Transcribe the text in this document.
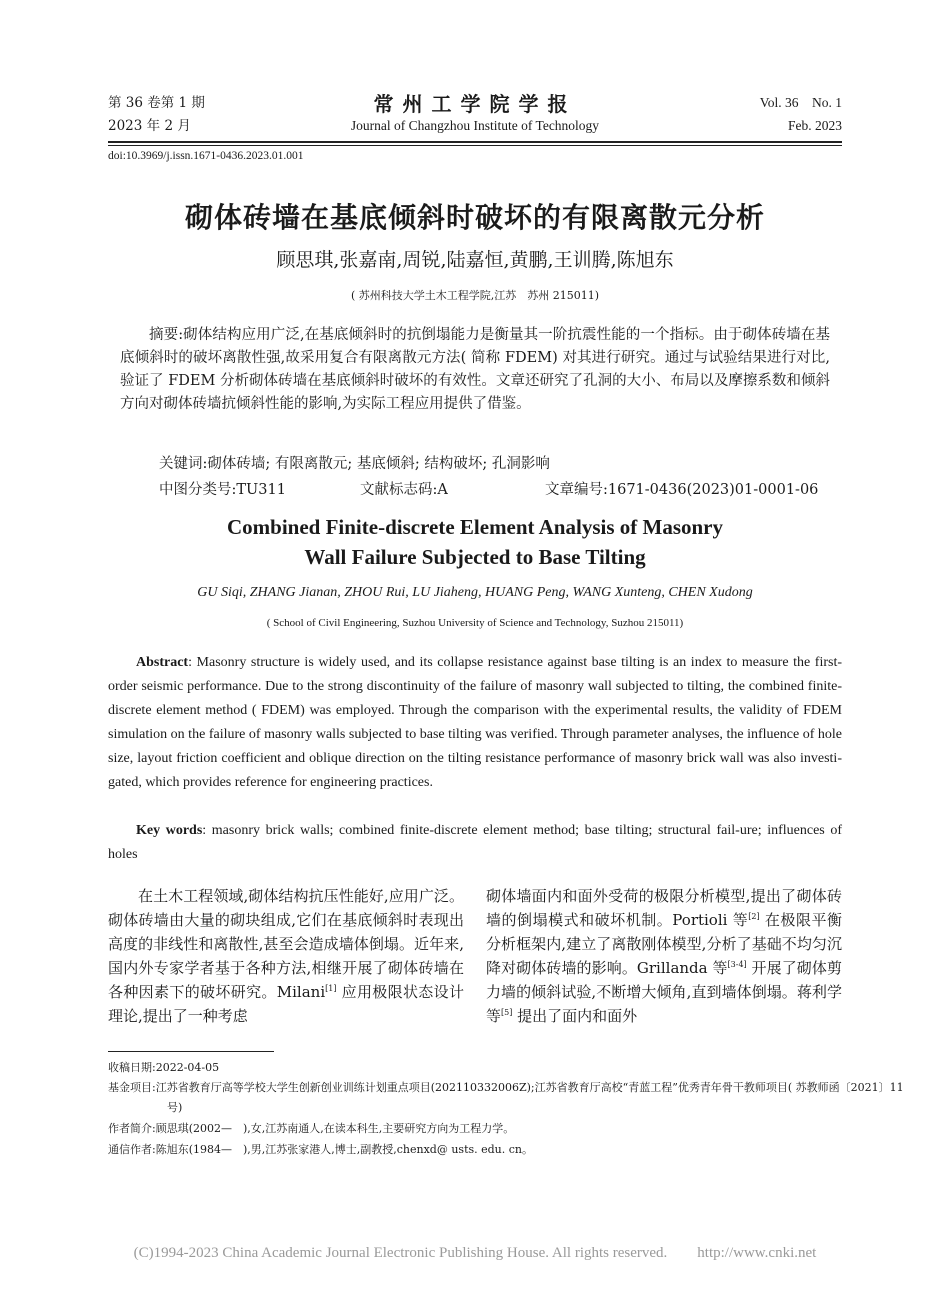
第 36 卷第 1 期
2023 年 2 月
常州工学院学报
Journal of Changzhou Institute of Technology
Vol. 36　No. 1
Feb. 2023
doi:10.3969/j.issn.1671-0436.2023.01.001
砌体砖墙在基底倾斜时破坏的有限离散元分析
顾思琪,张嘉南,周锐,陆嘉恒,黄鹏,王训腾,陈旭东
( 苏州科技大学土木工程学院,江苏　苏州 215011)
摘要:砌体结构应用广泛,在基底倾斜时的抗倒塌能力是衡量其一阶抗震性能的一个指标。由于砌体砖墙在基底倾斜时的破坏离散性强,故采用复合有限离散元方法( 简称 FDEM) 对其进行研究。通过与试验结果进行对比,验证了 FDEM 分析砌体砖墙在基底倾斜时破坏的有效性。文章还研究了孔洞的大小、布局以及摩擦系数和倾斜方向对砌体砖墙抗倾斜性能的影响,为实际工程应用提供了借鉴。
关键词:砌体砖墙; 有限离散元; 基底倾斜; 结构破坏; 孔洞影响
中图分类号:TU311	文献标志码:A	文章编号:1671-0436(2023)01-0001-06
Combined Finite-discrete Element Analysis of Masonry
Wall Failure Subjected to Base Tilting
GU Siqi, ZHANG Jianan, ZHOU Rui, LU Jiaheng, HUANG Peng, WANG Xunteng, CHEN Xudong
( School of Civil Engineering, Suzhou University of Science and Technology, Suzhou 215011)
Abstract: Masonry structure is widely used, and its collapse resistance against base tilting is an index to measure the first-order seismic performance. Due to the strong discontinuity of the failure of masonry wall subjected to tilting, the combined finite-discrete element method ( FDEM) was employed. Through the comparison with the experimental results, the validity of FDEM simulation on the failure of masonry walls subjected to base tilting was verified. Through parameter analyses, the influence of hole size, layout friction coefficient and oblique direction on the tilting resistance performance of masonry brick wall was also investi-gated, which provides reference for engineering practices.
Key words: masonry brick walls; combined finite-discrete element method; base tilting; structural fail-ure; influences of holes
在土木工程领域,砌体结构抗压性能好,应用广泛。砌体砖墙由大量的砌块组成,它们在基底倾斜时表现出高度的非线性和离散性,甚至会造成墙体倒塌。近年来,国内外专家学者基于各种方法,相继开展了砌体砖墙在各种因素下的破坏研究。Milani[1] 应用极限状态设计理论,提出了一种考虑
砌体墙面内和面外受荷的极限分析模型,提出了砌体砖墙的倒塌模式和破坏机制。Portioli 等[2] 在极限平衡分析框架内,建立了离散刚体模型,分析了基础不均匀沉降对砌体砖墙的影响。Grillanda 等[3-4] 开展了砌体剪力墙的倾斜试验,不断增大倾角,直到墙体倒塌。蒋利学等[5] 提出了面内和面外
收稿日期:2022-04-05
基金项目:江苏省教育厅高等学校大学生创新创业训练计划重点项目(202110332006Z);江苏省教育厅高校“青蓝工程”优秀青年骨干教师项目( 苏教师函〔2021〕11 号)
作者简介:顾思琪(2002—　),女,江苏南通人,在读本科生,主要研究方向为工程力学。
通信作者:陈旭东(1984—　),男,江苏张家港人,博士,副教授,chenxd@ usts. edu. cn。
(C)1994-2023 China Academic Journal Electronic Publishing House. All rights reserved.　　http://www.cnki.net
